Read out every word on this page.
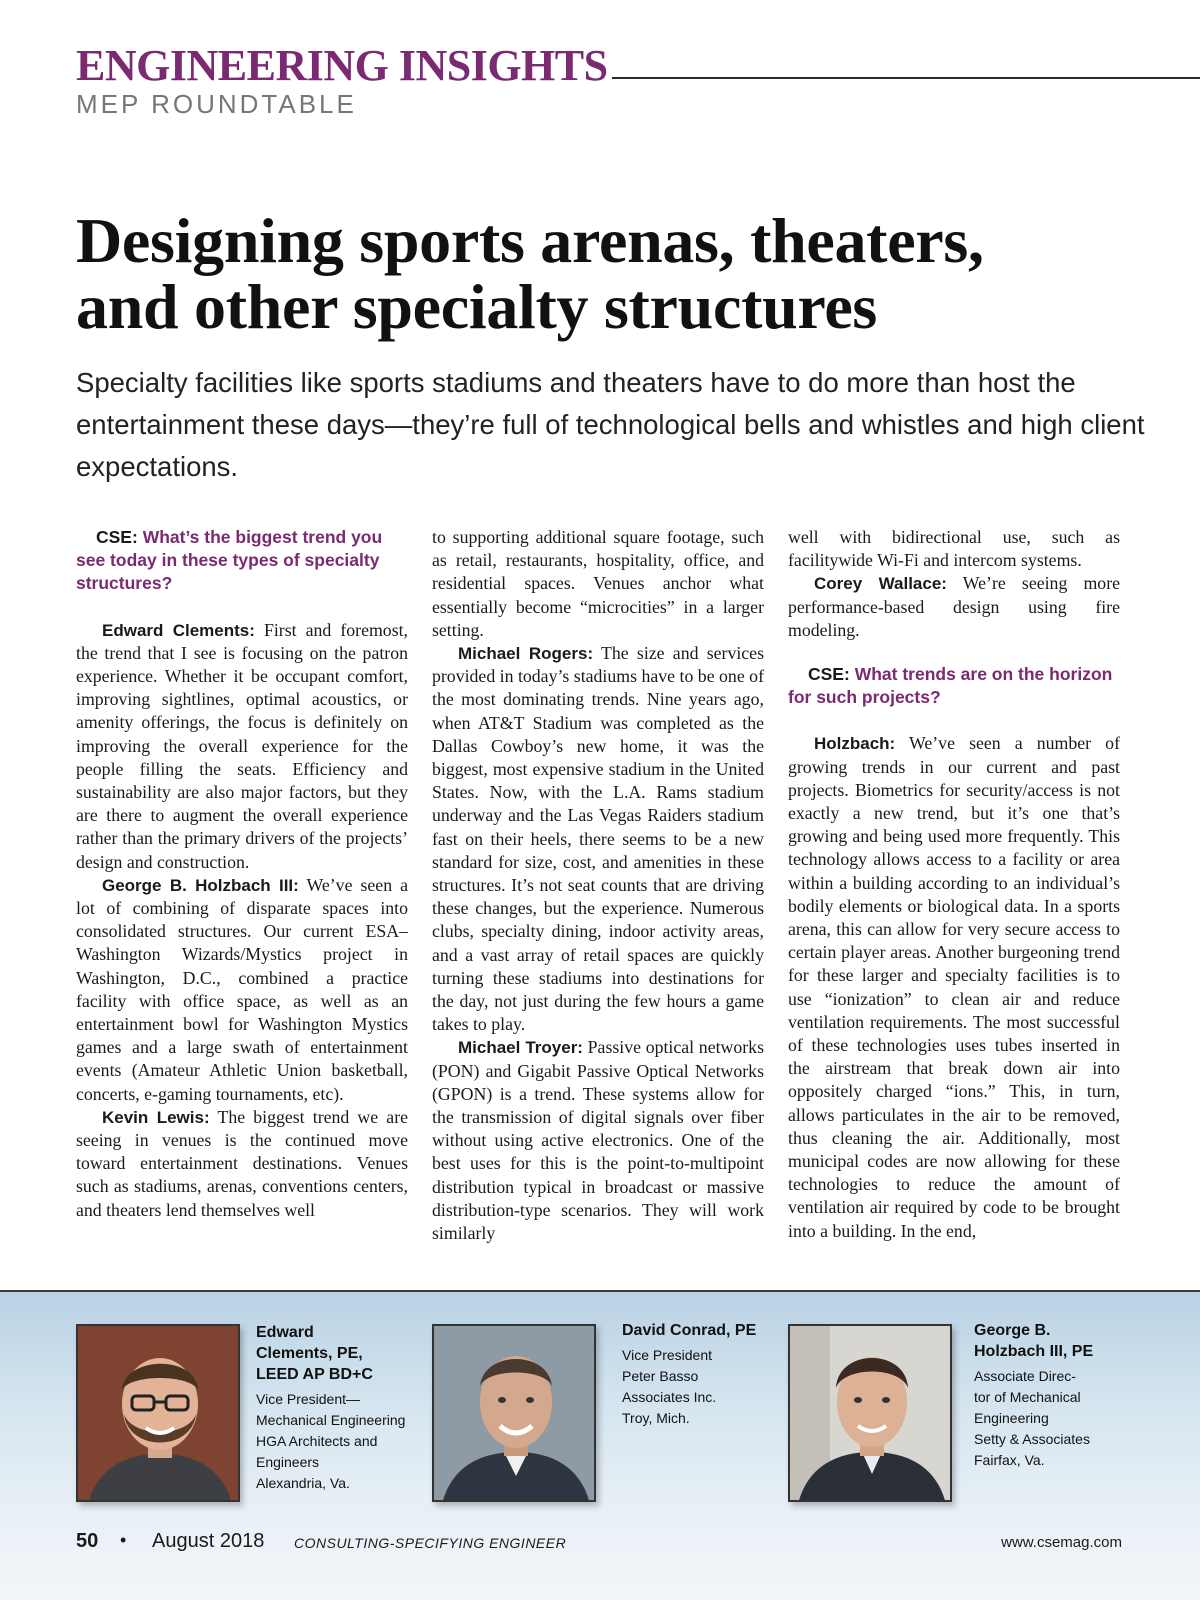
ENGINEERING INSIGHTS
MEP ROUNDTABLE
Designing sports arenas, theaters,
and other specialty structures

Specialty facilities like sports stadiums and theaters have to do more than host the entertainment these days—they’re full of technological bells and whistles and high client expectations.

CSE: What’s the biggest trend you see today in these types of specialty structures?

Edward Clements: First and foremost, the trend that I see is focusing on the patron experience. Whether it be occupant comfort, improving sightlines, optimal acoustics, or amenity offerings, the focus is definitely on improving the overall experience for the people filling the seats. Efficiency and sustainability are also major factors, but they are there to augment the overall experience rather than the primary drivers of the projects’ design and construction.

George B. Holzbach III: We’ve seen a lot of combining of disparate spaces into consolidated structures. Our current ESA–Washington Wizards/Mystics project in Washington, D.C., combined a practice facility with office space, as well as an entertainment bowl for Washington Mystics games and a large swath of entertainment events (Amateur Athletic Union basketball, concerts, e-gaming tournaments, etc).

Kevin Lewis: The biggest trend we are seeing in venues is the continued move toward entertainment destinations. Venues such as stadiums, arenas, conventions centers, and theaters lend themselves well

to supporting additional square footage, such as retail, restaurants, hospitality, office, and residential spaces. Venues anchor what essentially become “microcities” in a larger setting.

Michael Rogers: The size and services provided in today’s stadiums have to be one of the most dominating trends. Nine years ago, when AT&T Stadium was completed as the Dallas Cowboy’s new home, it was the biggest, most expensive stadium in the United States. Now, with the L.A. Rams stadium underway and the Las Vegas Raiders stadium fast on their heels, there seems to be a new standard for size, cost, and amenities in these structures. It’s not seat counts that are driving these changes, but the experience. Numerous clubs, specialty dining, indoor activity areas, and a vast array of retail spaces are quickly turning these stadiums into destinations for the day, not just during the few hours a game takes to play.

Michael Troyer: Passive optical networks (PON) and Gigabit Passive Optical Networks (GPON) is a trend. These systems allow for the transmission of digital signals over fiber without using active electronics. One of the best uses for this is the point-to-multipoint distribution typical in broadcast or massive distribution-type scenarios. They will work similarly

well with bidirectional use, such as facilitywide Wi-Fi and intercom systems.

Corey Wallace: We’re seeing more performance-based design using fire modeling.

CSE: What trends are on the horizon for such projects?

Holzbach: We’ve seen a number of growing trends in our current and past projects. Biometrics for security/access is not exactly a new trend, but it’s one that’s growing and being used more frequently. This technology allows access to a facility or area within a building according to an individual’s bodily elements or biological data. In a sports arena, this can allow for very secure access to certain player areas. Another burgeoning trend for these larger and specialty facilities is to use “ionization” to clean air and reduce ventilation requirements. The most successful of these technologies uses tubes inserted in the airstream that break down air into oppositely charged “ions.” This, in turn, allows particulates in the air to be removed, thus cleaning the air. Additionally, most municipal codes are now allowing for these technologies to reduce the amount of ventilation air required by code to be brought into a building. In the end,

Edward
Clements, PE,
LEED AP BD+C
Vice President—
Mechanical Engineering
HGA Architects and
Engineers
Alexandria, Va.
David Conrad, PE
Vice President
Peter Basso
Associates Inc.
Troy, Mich.
George B.
Holzbach III, PE
Associate Direc-
tor of Mechanical
Engineering
Setty & Associates
Fairfax, Va.
50 • August 2018 CONSULTING-SPECIFYING ENGINEER	www.csemag.com
